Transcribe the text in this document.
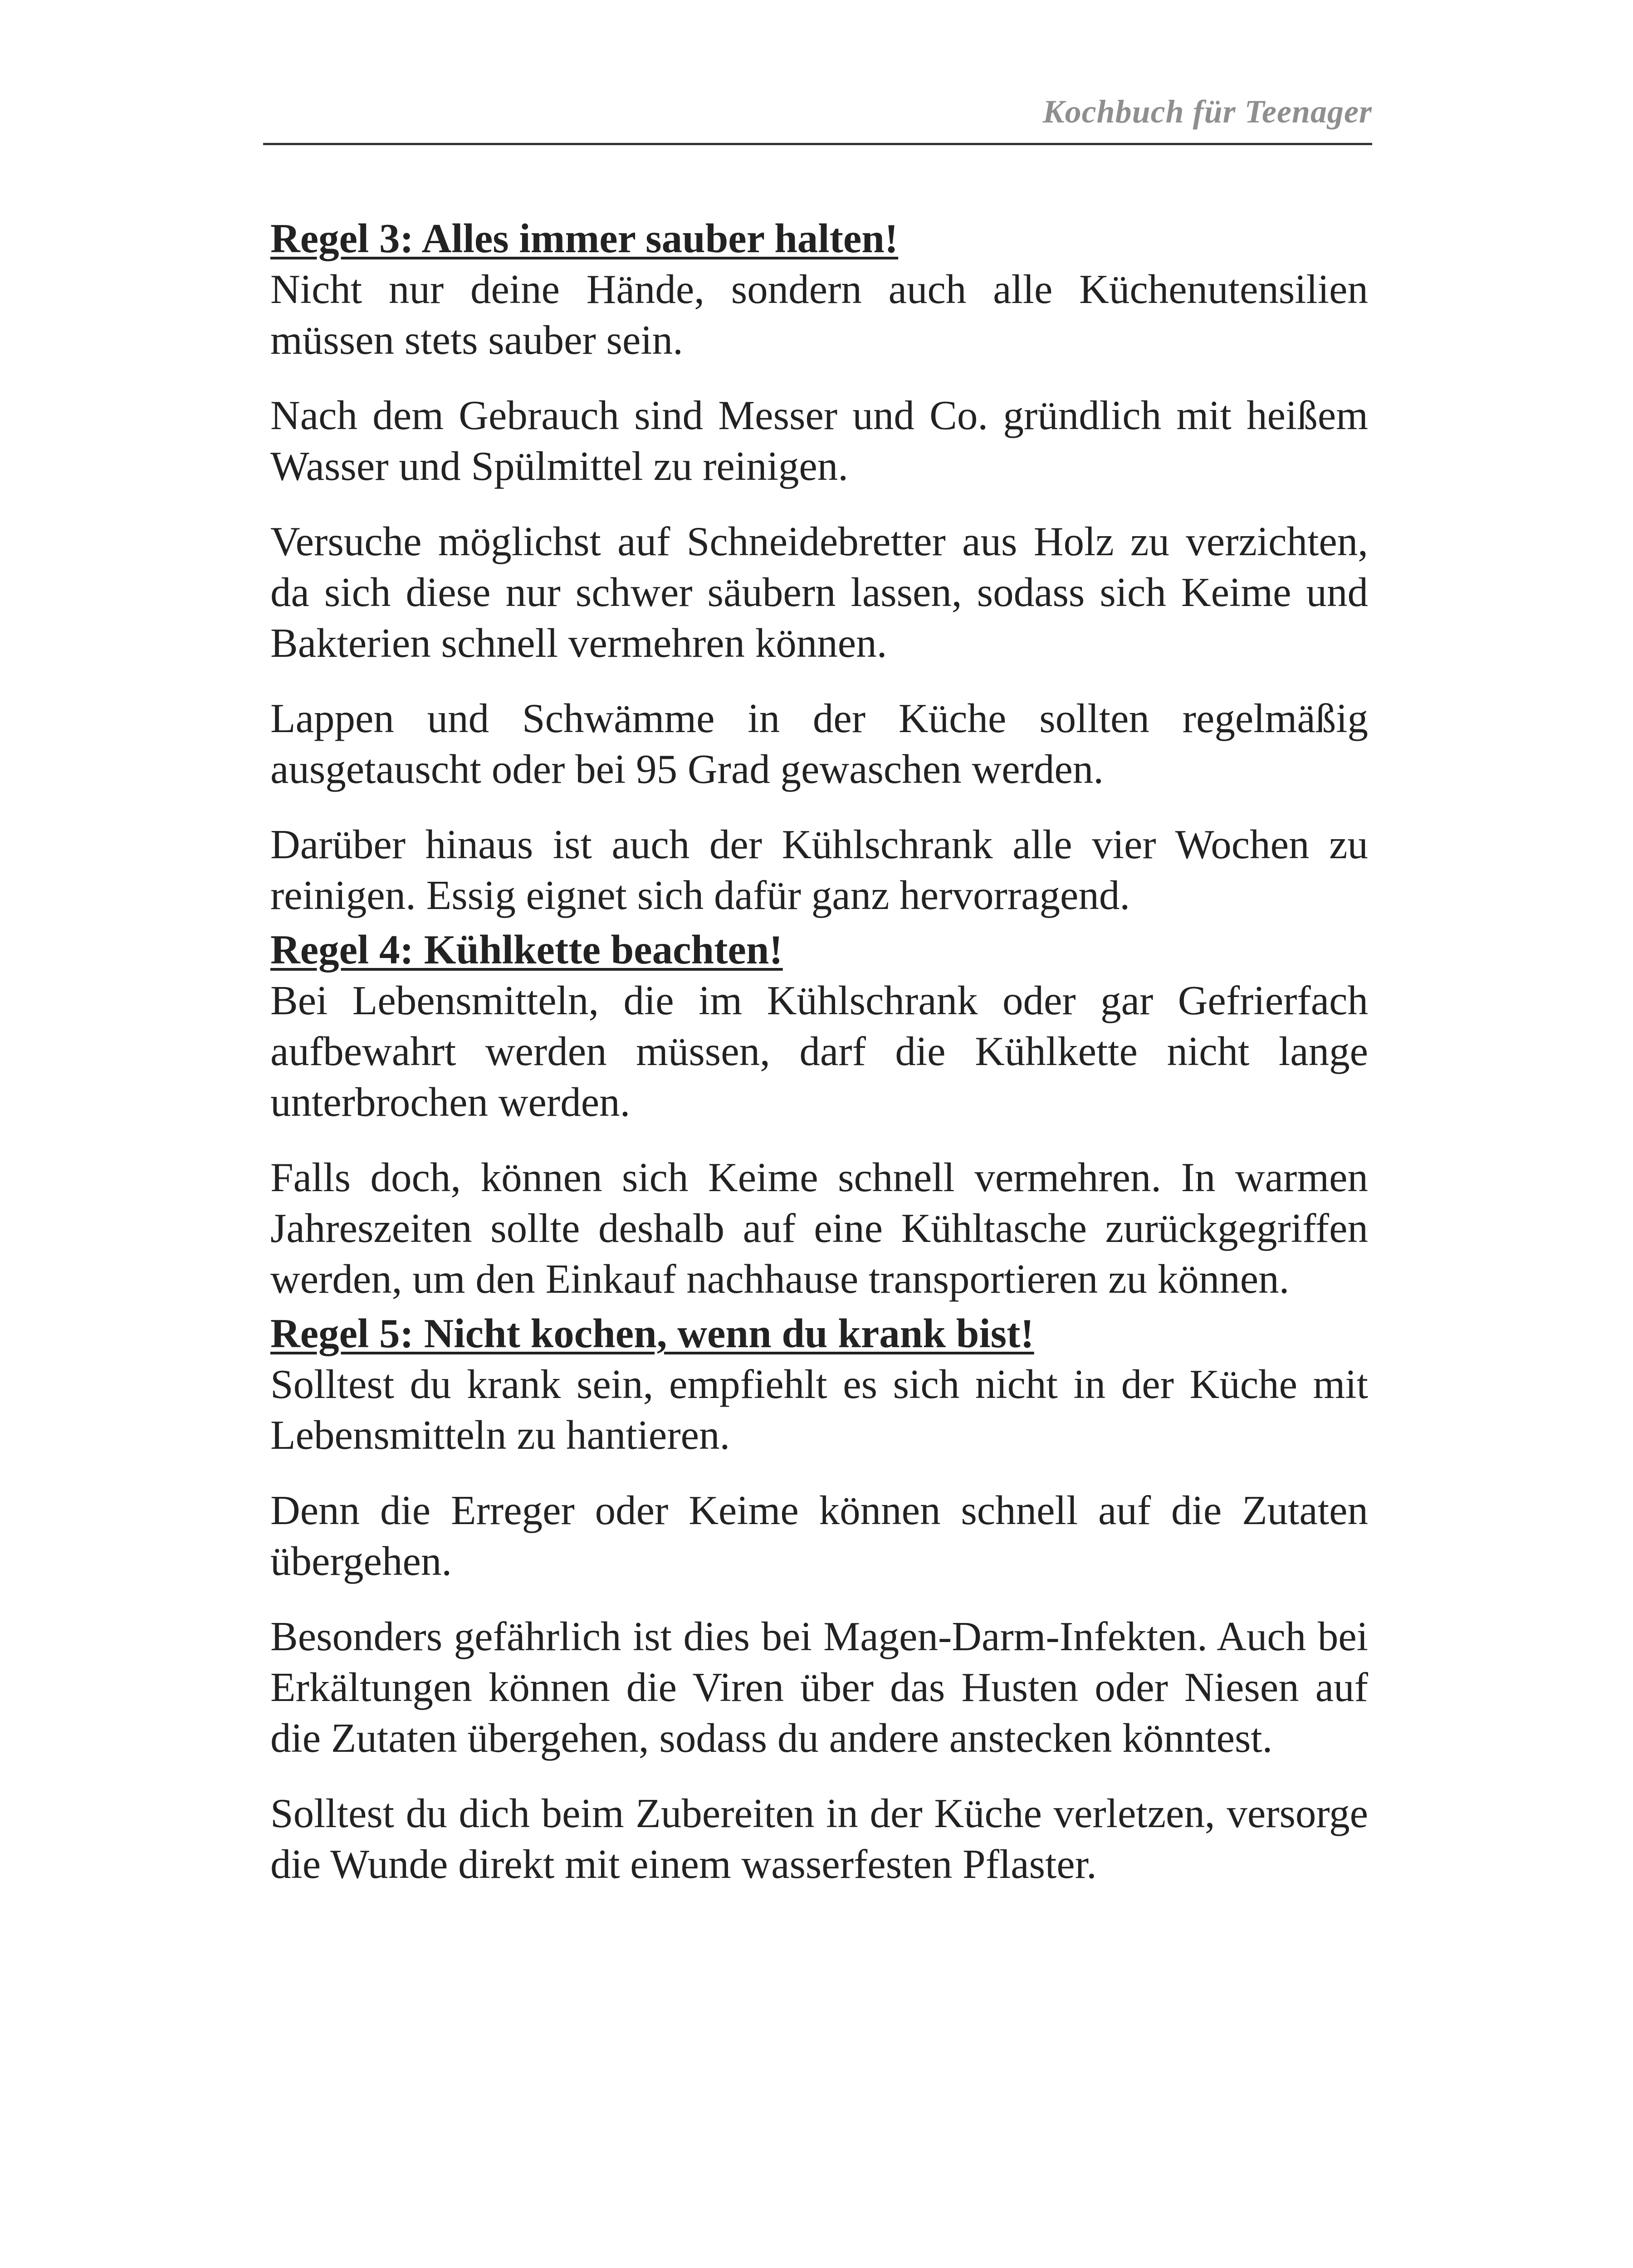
Kochbuch für Teenager
Regel 3: Alles immer sauber halten!

Nicht nur deine Hände, sondern auch alle Küchenutensilien müssen stets sauber sein.

Nach dem Gebrauch sind Messer und Co. gründlich mit heißem Wasser und Spülmittel zu reinigen.

Versuche möglichst auf Schneidebretter aus Holz zu verzichten, da sich diese nur schwer säubern lassen, sodass sich Keime und Bakterien schnell vermehren können.

Lappen und Schwämme in der Küche sollten regelmäßig ausgetauscht oder bei 95 Grad gewaschen werden.

Darüber hinaus ist auch der Kühlschrank alle vier Wochen zu reinigen. Essig eignet sich dafür ganz hervorragend.

Regel 4: Kühlkette beachten!

Bei Lebensmitteln, die im Kühlschrank oder gar Gefrierfach aufbewahrt werden müssen, darf die Kühlkette nicht lange unterbrochen werden.

Falls doch, können sich Keime schnell vermehren. In warmen Jahreszeiten sollte deshalb auf eine Kühltasche zurückgegriffen werden, um den Einkauf nachhause transportieren zu können.

Regel 5: Nicht kochen, wenn du krank bist!

Solltest du krank sein, empfiehlt es sich nicht in der Küche mit Lebensmitteln zu hantieren.

Denn die Erreger oder Keime können schnell auf die Zutaten übergehen.

Besonders gefährlich ist dies bei Magen-Darm-Infekten. Auch bei Erkältungen können die Viren über das Husten oder Niesen auf die Zutaten übergehen, sodass du andere anstecken könntest.

Solltest du dich beim Zubereiten in der Küche verletzen, versorge die Wunde direkt mit einem wasserfesten Pflaster.
